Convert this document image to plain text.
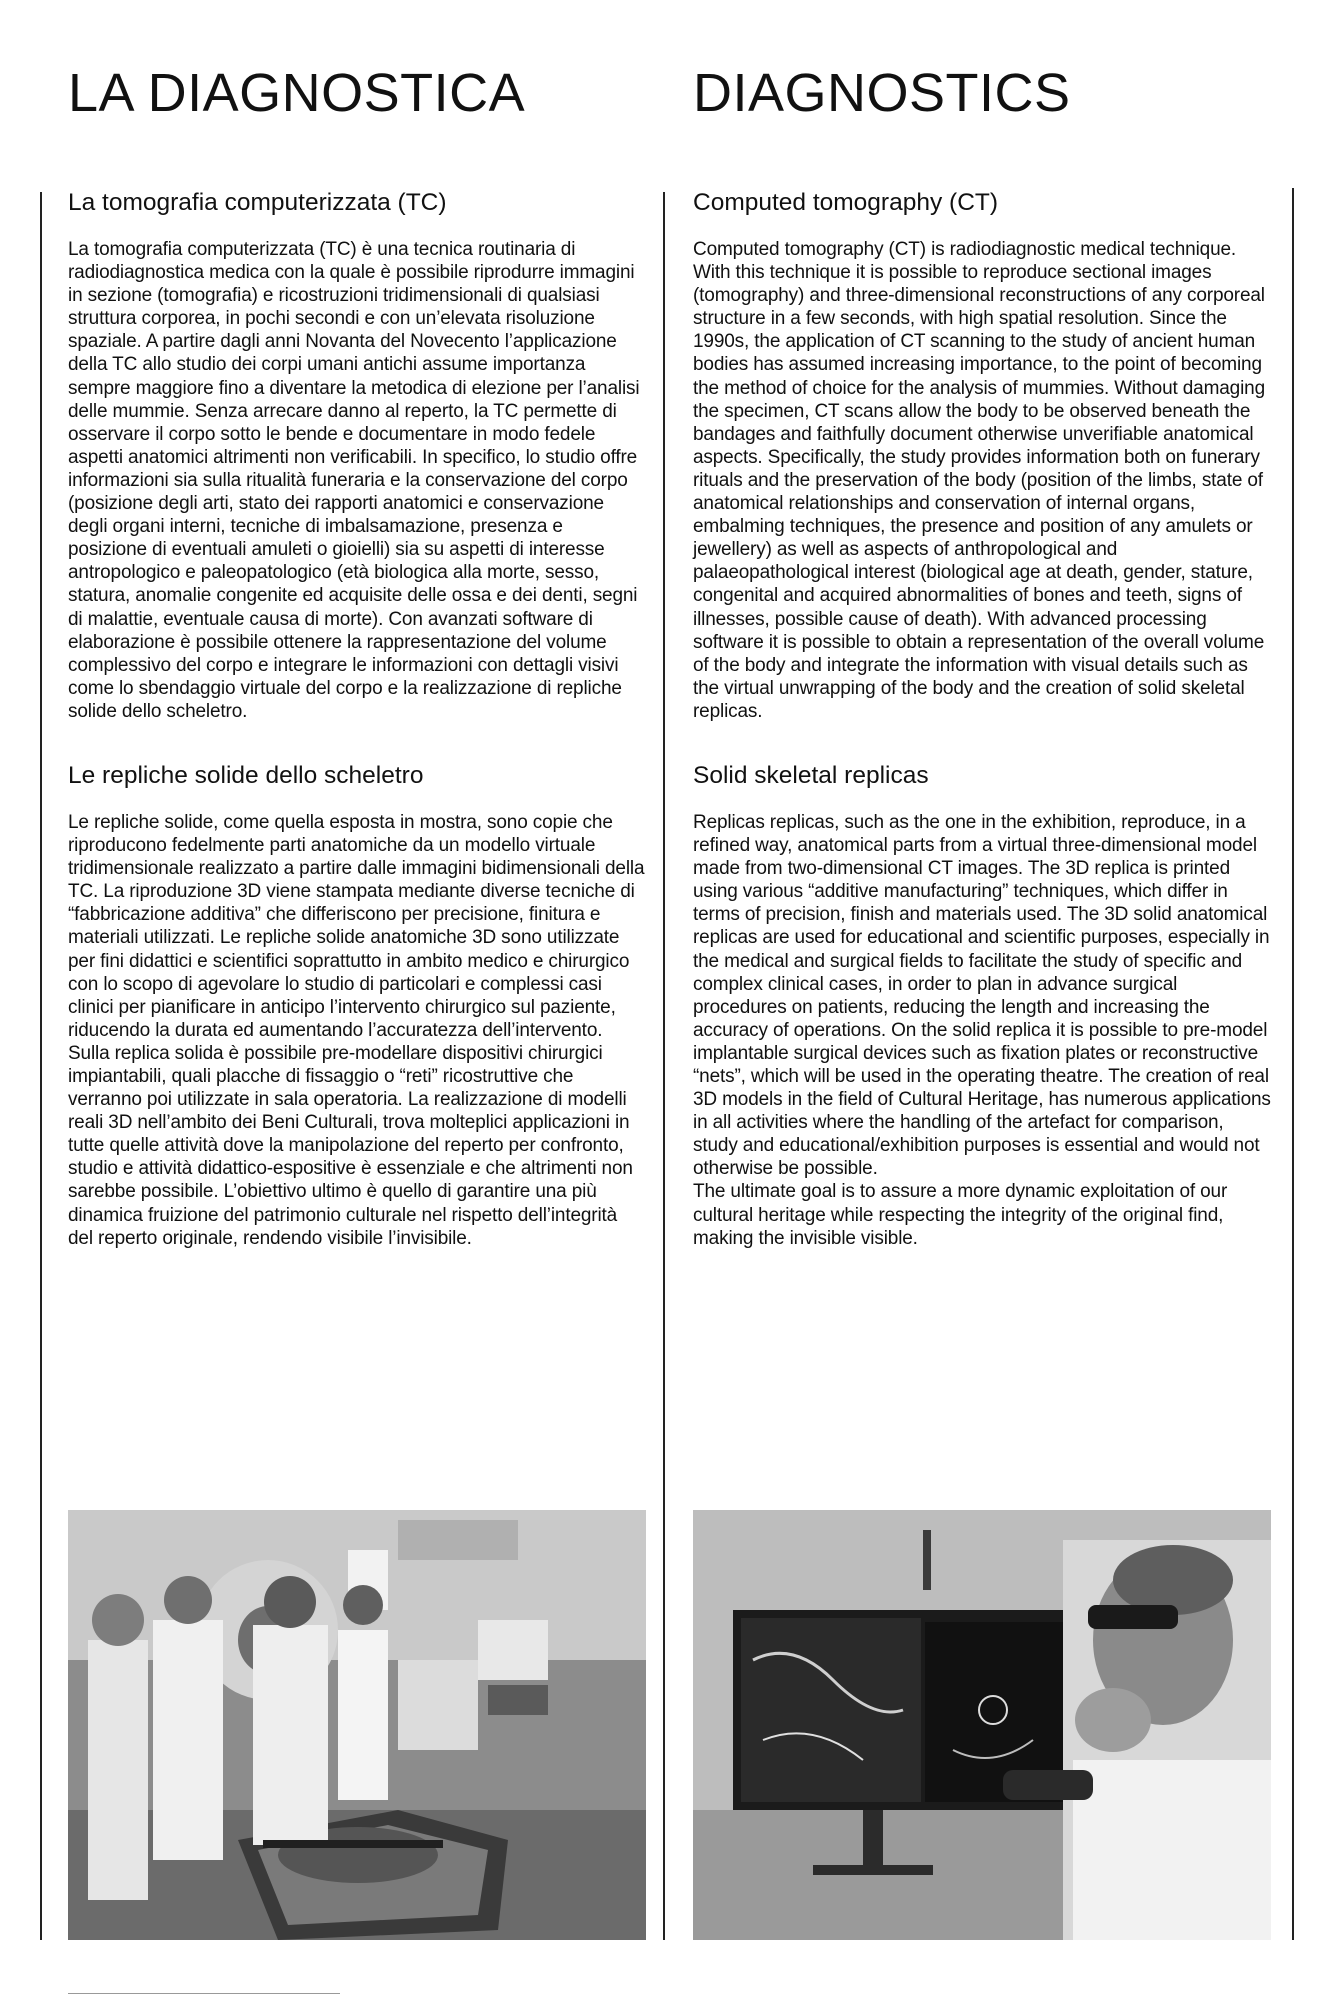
LA DIAGNOSTICA	DIAGNOSTICS
La tomografia computerizzata (TC)

La tomografia computerizzata (TC) è una tecnica routinaria di radiodiagnostica medica con la quale è possibile riprodurre immagini in sezione (tomografia) e ricostruzioni tridimensionali di qualsiasi struttura corporea, in pochi secondi e con un’elevata risoluzione spaziale. A partire dagli anni Novanta del Novecento l’applicazione della TC allo studio dei corpi umani antichi assume importanza sempre maggiore fino a diventare la metodica di elezione per l’analisi delle mummie. Senza arrecare danno al reperto, la TC permette di osservare il corpo sotto le bende e documentare in modo fedele aspetti anatomici altrimenti non verificabili. In specifico, lo studio offre informazioni sia sulla ritualità funeraria e la conservazione del corpo (posizione degli arti, stato dei rapporti anatomici e conservazione degli organi interni, tecniche di imbalsamazione, presenza e posizione di eventuali amuleti o gioielli) sia su aspetti di interesse antropologico e paleopatologico (età biologica alla morte, sesso, statura, anomalie congenite ed acquisite delle ossa e dei denti, segni di malattie, eventuale causa di morte). Con avanzati software di elaborazione è possibile ottenere la rappresentazione del volume complessivo del corpo e integrare le informazioni con dettagli visivi come lo sbendaggio virtuale del corpo e la realizzazione di repliche solide dello scheletro.

Le repliche solide dello scheletro

Le repliche solide, come quella esposta in mostra, sono copie che riproducono fedelmente parti anatomiche da un modello virtuale tridimensionale realizzato a partire dalle immagini bidimensionali della TC. La riproduzione 3D viene stampata mediante diverse tecniche di “fabbricazione additiva” che differiscono per precisione, finitura e materiali utilizzati. Le repliche solide anatomiche 3D sono utilizzate per fini didattici e scientifici soprattutto in ambito medico e chirurgico con lo scopo di agevolare lo studio di particolari e complessi casi clinici per pianificare in anticipo l’intervento chirurgico sul paziente, riducendo la durata ed aumentando l’accuratezza dell’intervento. Sulla replica solida è possibile pre-modellare dispositivi chirurgici impiantabili, quali placche di fissaggio o “reti” ricostruttive che verranno poi utilizzate in sala operatoria. La realizzazione di modelli reali 3D nell’ambito dei Beni Culturali, trova molteplici applicazioni in tutte quelle attività dove la manipolazione del reperto per confronto, studio e attività didattico-espositive è essenziale e che altrimenti non sarebbe possibile. L’obiettivo ultimo è quello di garantire una più dinamica fruizione del patrimonio culturale nel rispetto dell’integrità del reperto originale, rendendo visibile l’invisibile.

Computed tomography (CT)

Computed tomography (CT) is radiodiagnostic medical technique. With this technique it is possible to reproduce sectional images (tomography) and three-dimensional reconstructions of any corporeal structure in a few seconds, with high spatial resolution. Since the 1990s, the application of CT scanning to the study of ancient human bodies has assumed increasing importance, to the point of becoming the method of choice for the analysis of mummies. Without damaging the specimen, CT scans allow the body to be observed beneath the bandages and faithfully document otherwise unverifiable anatomical aspects. Specifically, the study provides information both on funerary rituals and the preservation of the body (position of the limbs, state of anatomical relationships and conservation of internal organs, embalming techniques, the presence and position of any amulets or jewellery) as well as aspects of anthropological and palaeopathological interest (biological age at death, gender, stature, congenital and acquired abnormalities of bones and teeth, signs of illnesses, possible cause of death). With advanced processing software it is possible to obtain a representation of the overall volume of the body and integrate the information with visual details such as the virtual unwrapping of the body and the creation of solid skeletal replicas.

Solid skeletal replicas

Replicas replicas, such as the one in the exhibition, reproduce, in a refined way, anatomical parts from a virtual three-dimensional model made from two-dimensional CT images. The 3D replica is printed using various “additive manufacturing” techniques, which differ in terms of precision, finish and materials used. The 3D solid anatomical replicas are used for educational and scientific purposes, especially in the medical and surgical fields to facilitate the study of specific and complex clinical cases, in order to plan in advance surgical procedures on patients, reducing the length and increasing the accuracy of operations. On the solid replica it is possible to pre-model implantable surgical devices such as fixation plates or reconstructive “nets”, which will be used in the operating theatre. The creation of real 3D models in the field of Cultural Heritage, has numerous applications in all activities where the handling of the artefact for comparison, study and educational/exhibition purposes is essential and would not otherwise be possible.

The ultimate goal is to assure a more dynamic exploitation of our cultural heritage while respecting the integrity of the original find, making the invisible visible.
